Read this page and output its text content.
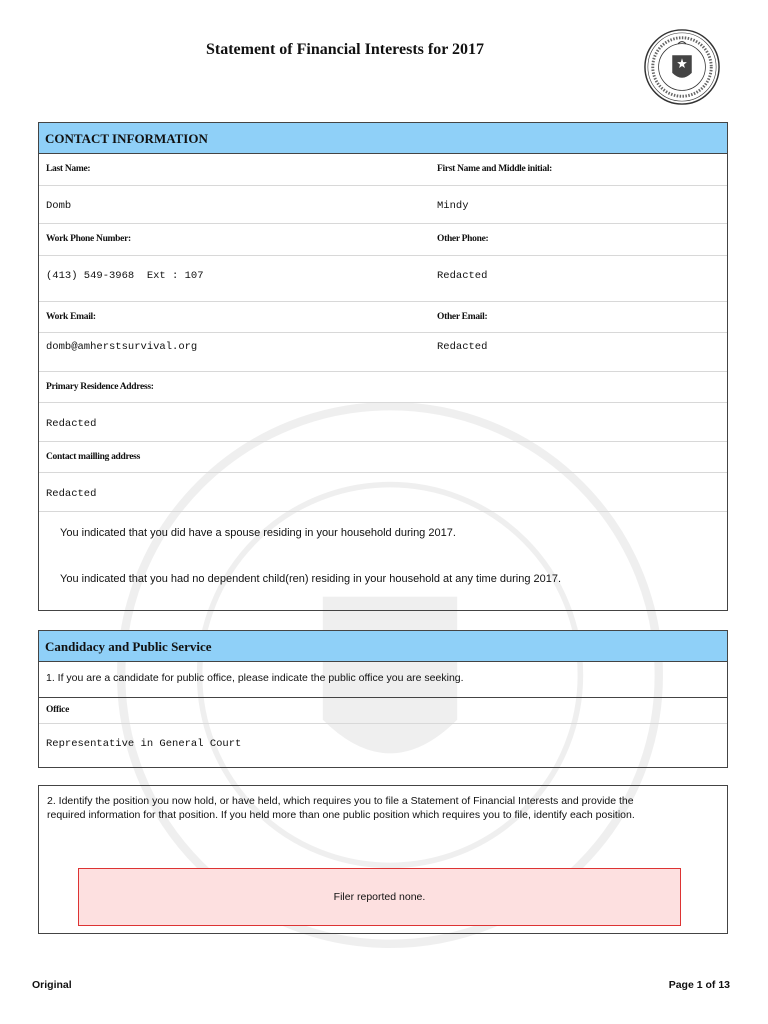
Statement of Financial Interests for 2017
CONTACT INFORMATION
Last Name:	First Name and Middle initial:
Domb	Mindy
Work Phone Number:	Other Phone:
(413) 549-3968  Ext : 107	Redacted
Work Email:	Other Email:
domb@amherstsurvival.org	Redacted
Primary Residence Address:
Redacted
Contact mailling address
Redacted
You indicated that you did have a spouse residing in your household during 2017.
You indicated that you had no dependent child(ren) residing in your household at any time during 2017.
Candidacy and Public Service
1. If you are a candidate for public office, please indicate the public office you are seeking.
Office
Representative in General Court
2. Identify the position you now hold, or have held, which requires you to file a Statement of Financial Interests and provide the required information for that position. If you held more than one public position which requires you to file, identify each position.
Filer reported none.
Original	Page 1 of 13
